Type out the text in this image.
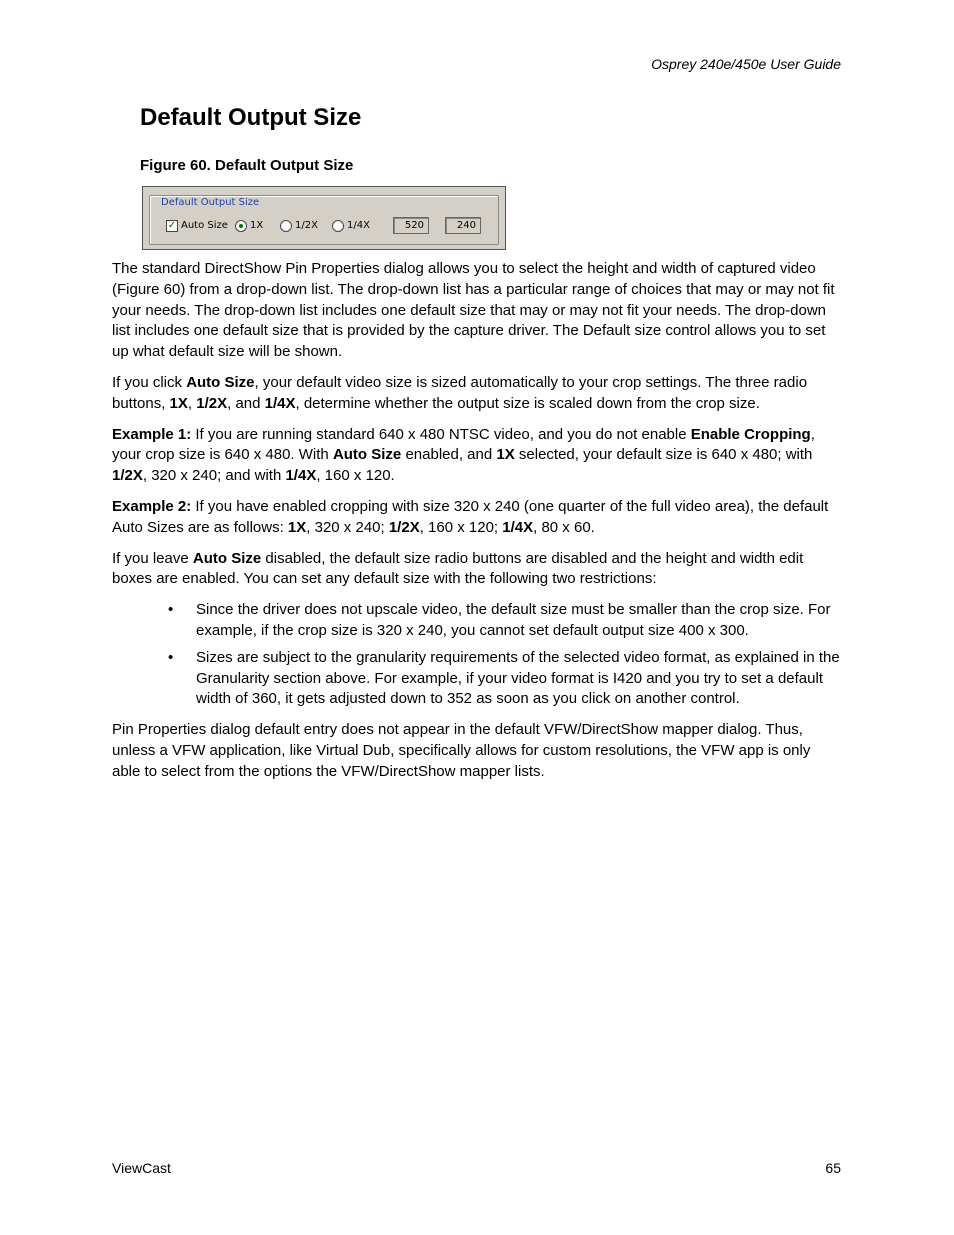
Osprey 240e/450e User Guide
Default Output Size
Figure 60. Default Output Size
Default Output Size
✓ Auto Size 1X	1/2X	1/4X	520	240

The standard DirectShow Pin Properties dialog allows you to select the height and width of captured video (Figure 60) from a drop-down list. The drop-down list has a particular range of choices that may or may not fit your needs. The drop-down list includes one default size that may or may not fit your needs. The drop-down list includes one default size that is provided by the capture driver. The Default size control allows you to set up what default size will be shown.

If you click Auto Size, your default video size is sized automatically to your crop settings. The three radio buttons, 1X, 1/2X, and 1/4X, determine whether the output size is scaled down from the crop size.

Example 1: If you are running standard 640 x 480 NTSC video, and you do not enable Enable Cropping, your crop size is 640 x 480. With Auto Size enabled, and 1X selected, your default size is 640 x 480; with 1/2X, 320 x 240; and with 1/4X, 160 x 120.

Example 2: If you have enabled cropping with size 320 x 240 (one quarter of the full video area), the default Auto Sizes are as follows: 1X, 320 x 240; 1/2X, 160 x 120; 1/4X, 80 x 60.

If you leave Auto Size disabled, the default size radio buttons are disabled and the height and width edit boxes are enabled. You can set any default size with the following two restrictions:

• Since the driver does not upscale video, the default size must be smaller than the crop size. For example, if the crop size is 320 x 240, you cannot set default output size 400 x 300.
• Sizes are subject to the granularity requirements of the selected video format, as explained in the Granularity section above. For example, if your video format is I420 and you try to set a default width of 360, it gets adjusted down to 352 as soon as you click on another control.

Pin Properties dialog default entry does not appear in the default VFW/DirectShow mapper dialog. Thus, unless a VFW application, like Virtual Dub, specifically allows for custom resolutions, the VFW app is only able to select from the options the VFW/DirectShow mapper lists.

ViewCast	65
